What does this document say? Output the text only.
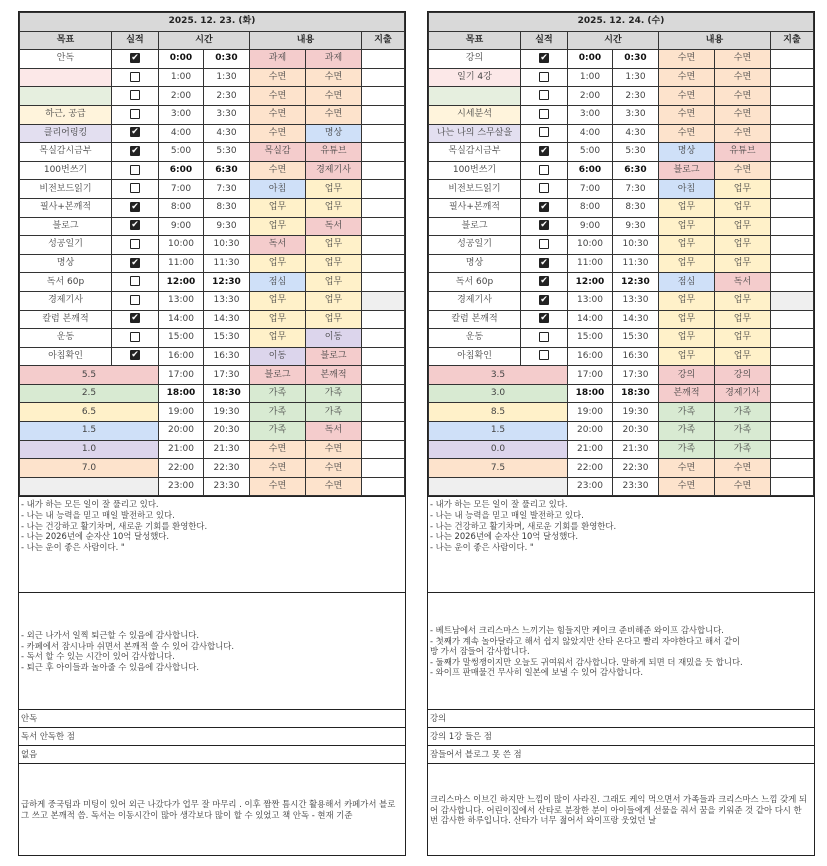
2025. 12. 23. (화)						
목표	실적	시간		내용		지출
안독	✔	0:00	0:30	과제	과제	
		1:00	1:30	수면	수면	
		2:00	2:30	수면	수면	
하근, 공급		3:00	3:30	수면	수면	
클리어링킹	✔	4:00	4:30	수면	명상	
목실감시금부	✔	5:00	5:30	목실감	유튜브	
100번쓰기		6:00	6:30	수면	경제기사	
비전보드읽기		7:00	7:30	아침	업무	
필사+본깨적	✔	8:00	8:30	업무	업무	
블로그	✔	9:00	9:30	업무	독서	
성공일기		10:00	10:30	독서	업무	
명상	✔	11:00	11:30	업무	업무	
독서 60p		12:00	12:30	점심	업무	
경제기사		13:00	13:30	업무	업무	
칼럼 본깨적	✔	14:00	14:30	업무	업무	
운동		15:00	15:30	업무	이동	
아침확인	✔	16:00	16:30	이동	블로그	
5.5		17:00	17:30	블로그	본깨적	
2.5		18:00	18:30	가족	가족	
6.5		19:00	19:30	가족	가족	
1.5		20:00	20:30	가족	독서	
1.0		21:00	21:30	수면	수면	
7.0		22:00	22:30	수면	수면	
		23:00	23:30	수면	수면	

- 내가 하는 모든 일이 잘 풀리고 있다.

- 나는 내 능력을 믿고 매일 발전하고 있다.

- 나는 건강하고 활기차며, 새로운 기회를 환영한다.

- 나는 2026년에 순자산 10억 달성했다.

- 나는 운이 좋은 사람이다. "

- 외근 나가서 일찍 퇴근할 수 있음에 감사합니다.

- 카페에서 잠시나마 쉬면서 본깨적 쓸 수 있어 감사합니다.

- 독서 할 수 있는 시간이 있어 감사합니다.

- 퇴근 후 아이들과 놀아줄 수 있음에 감사합니다.

안독
독서 안독한 점
없음

급하게 중국팀과 미팅이 있어 외근 나갔다가 업무 잘 마무리 . 이후 짬짠 틈시간 활용해서 카페가서 블로그 쓰고 본깨적 씀. 독서는 이동시간이 많아 생각보다 많이 할 수 있었고 책 안독 - 현재 기준

2025. 12. 24. (수)						
목표	실적	시간		내용		지출
강의	✔	0:00	0:30	수면	수면	
일기 4강		1:00	1:30	수면	수면	
		2:00	2:30	수면	수면	
시세분석		3:00	3:30	수면	수면	
나는 나의 스무살을		4:00	4:30	수면	수면	
목실감시금부	✔	5:00	5:30	명상	유튜브	
100번쓰기		6:00	6:30	블로그	수면	
비전보드읽기		7:00	7:30	아침	업무	
필사+본깨적	✔	8:00	8:30	업무	업무	
블로그	✔	9:00	9:30	업무	업무	
성공일기		10:00	10:30	업무	업무	
명상	✔	11:00	11:30	업무	업무	
독서 60p	✔	12:00	12:30	점심	독서	
경제기사	✔	13:00	13:30	업무	업무	
칼럼 본깨적	✔	14:00	14:30	업무	업무	
운동		15:00	15:30	업무	업무	
아침확인		16:00	16:30	업무	업무	
3.5		17:00	17:30	강의	강의	
3.0		18:00	18:30	본깨적	경제기사	
8.5		19:00	19:30	가족	가족	
1.5		20:00	20:30	가족	가족	
0.0		21:00	21:30	가족	가족	
7.5		22:00	22:30	수면	수면	
		23:00	23:30	수면	수면	

- 내가 하는 모든 일이 잘 풀리고 있다.

- 나는 내 능력을 믿고 매일 발전하고 있다.

- 나는 건강하고 활기차며, 새로운 기회를 환영한다.

- 나는 2026년에 순자산 10억 달성했다.

- 나는 운이 좋은 사람이다. "

- 베트남에서 크리스마스 느끼기는 힘들지만 케이크 준비해준 와이프 감사합니다.

- 첫째가 계속 놀아달라고 해서 쉽지 않았지만 산타 온다고 빨리 자야한다고 해서 같이

방 가서 잠들어 감사합니다.

- 둘째가 말썽쟁이지만 오늘도 귀여워서 감사합니다. 말하게 되면 더 재밌을 듯 합니다.

- 와이프 판매물건 무사히 일본에 보낼 수 있어 감사합니다.

강의
강의 1강 들은 점
잠들어서 블로그 못 쓴 점

크리스마스 이브긴 하지만 느낌이 많이 사라진. 그래도 케익 먹으면서 가족들과 크리스마스 느낌 갖게 되어 감사합니다. 어린이집에서 산타로 분장한 분이 아이들에게 선물을 줘서 꿈을 키워준 것 같아 다시 한 번 감사한 하루입니다. 산타가 너무 젊어서 와이프랑 웃었던 날
